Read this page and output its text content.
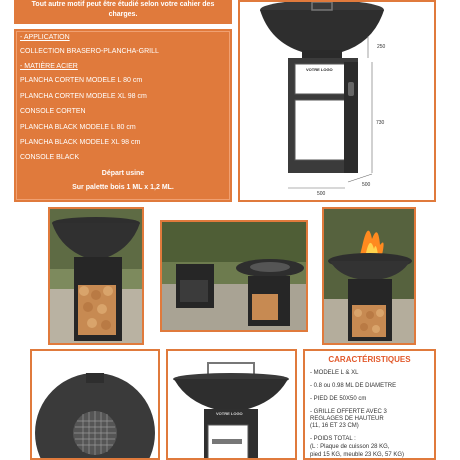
Tout autre motif peut être étudié selon votre cahier des
charges.
- APPLICATION
COLLECTION BRASERO-PLANCHA-GRILL
- MATIÈRE ACIER
PLANCHA CORTEN MODELE L 80 cm
PLANCHA CORTEN MODELE XL 98 cm
CONSOLE CORTEN
PLANCHA BLACK MODELE L 80 cm
PLANCHA BLACK MODELE XL 98 cm
CONSOLE BLACK
Départ usine
Sur palette bois 1 ML x 1,2 ML.
VOTRE LOGO
250
730
500
500
VOTRE LOGO
CARACTÉRISTIQUES
- MODELE L & XL
- 0.8 ou 0.98 ML DE DIAMETRE
- PIED DE 50X50 cm
- GRILLE OFFERTE AVEC 3
REGLAGES DE HAUTEUR
(11, 16 ET 23 CM)
- POIDS TOTAL :
(L : Plaque de cuisson 28 KG,
pied 15 KG, meuble 23 KG, 57 KG)
